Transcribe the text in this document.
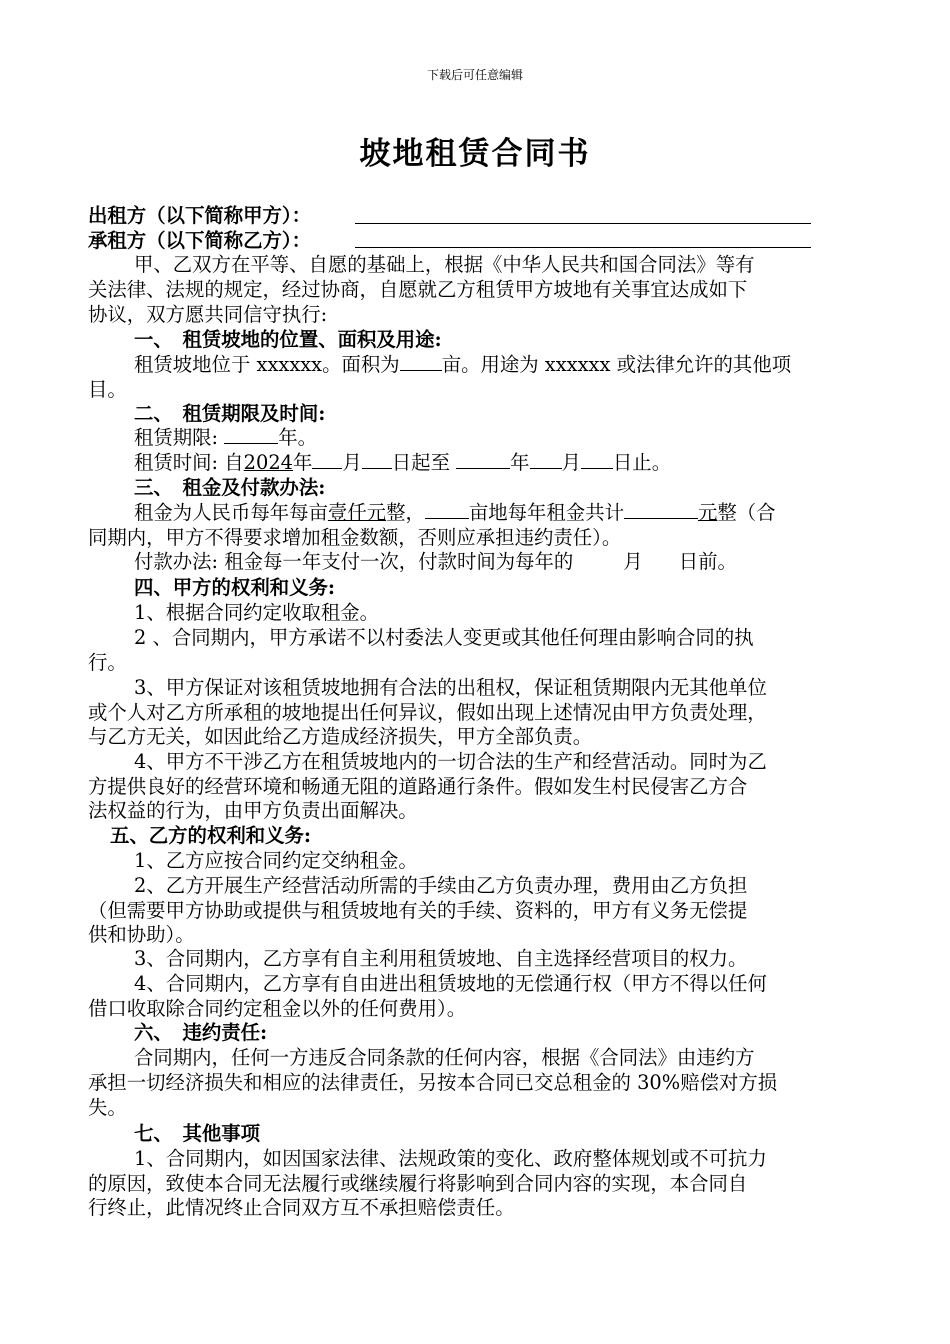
下载后可任意编辑
坡地租赁合同书
出租方（以下简称甲方）：
承租方（以下简称乙方）：
甲、乙双方在平等、自愿的基础上，根据《中华人民共和国合同法》等有
关法律、法规的规定，经过协商，自愿就乙方租赁甲方坡地有关事宜达成如下
协议，双方愿共同信守执行:
一、　租赁坡地的位置、面积及用途:
租赁坡地位于 xxxxxx。面积为 亩。用途为 xxxxxx 或法律允许的其他项
目。
二、　租赁期限及时间:
租赁期限:	年。
租赁时间: 自2024年 月 日起至	年 月 日止。
三、　租金及付款办法:
租金为人民币每年每亩壹仟元整， 亩地每年租金共计	元整（合
同期内，甲方不得要求增加租金数额，否则应承担违约责任）。
付款办法: 租金每一年支付一次，付款时间为每年的	月 日前。
四、甲方的权利和义务:
1、根据合同约定收取租金。
2 、合同期内，甲方承诺不以村委法人变更或其他任何理由影响合同的执
行。
3、甲方保证对该租赁坡地拥有合法的出租权，保证租赁期限内无其他单位
或个人对乙方所承租的坡地提出任何异议，假如出现上述情况由甲方负责处理，
与乙方无关，如因此给乙方造成经济损失，甲方全部负责。
4、甲方不干涉乙方在租赁坡地内的一切合法的生产和经营活动。同时为乙
方提供良好的经营环境和畅通无阻的道路通行条件。假如发生村民侵害乙方合
法权益的行为，由甲方负责出面解决。
五、乙方的权利和义务:
1、乙方应按合同约定交纳租金。
2、乙方开展生产经营活动所需的手续由乙方负责办理，费用由乙方负担
（但需要甲方协助或提供与租赁坡地有关的手续、资料的，甲方有义务无偿提
供和协助）。
3、合同期内，乙方享有自主利用租赁坡地、自主选择经营项目的权力。
4、合同期内，乙方享有自由进出租赁坡地的无偿通行权（甲方不得以任何
借口收取除合同约定租金以外的任何费用）。
六、　违约责任:
合同期内，任何一方违反合同条款的任何内容，根据《合同法》由违约方
承担一切经济损失和相应的法律责任，另按本合同已交总租金的 30%赔偿对方损
失。
七、　其他事项
1、合同期内，如因国家法律、法规政策的变化、政府整体规划或不可抗力
的原因，致使本合同无法履行或继续履行将影响到合同内容的实现，本合同自
行终止，此情况终止合同双方互不承担赔偿责任。
